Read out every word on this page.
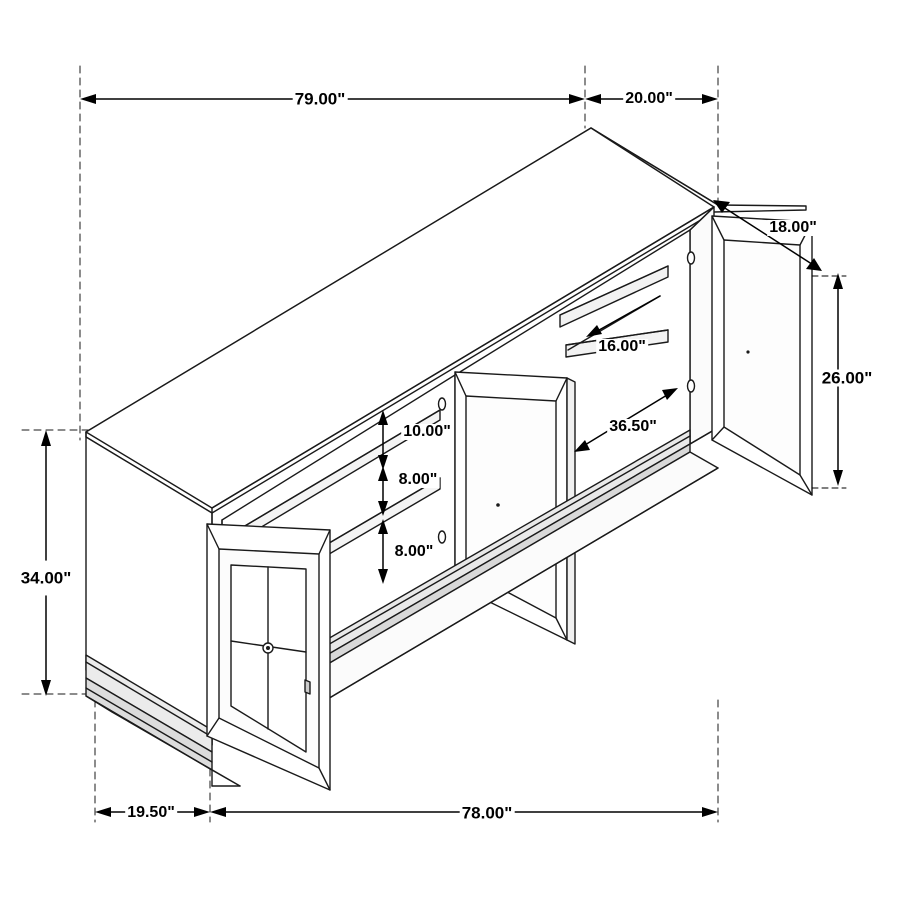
79.00"	20.00"
18.00"
16.00"
26.00"
36.50"
10.00"
8.00"
8.00"
34.00"
19.50"	78.00"
